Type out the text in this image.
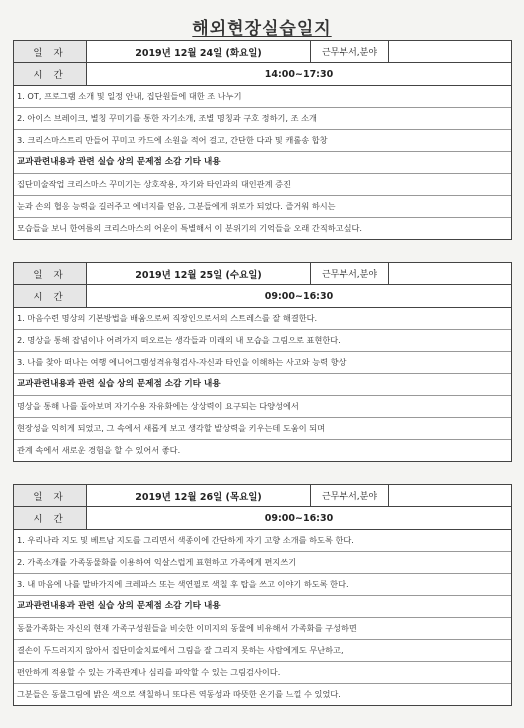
해외현장실습일지
일 자	2019년 12월 24일 (화요일)	근무부서,분야
시 간	14:00~17:30
1. OT, 프로그램 소개 및 일정 안내, 집단원들에 대한 조 나누기
2. 아이스 브레이크, 별칭 꾸미기를 통한 자기소개, 조별 명칭과 구호 정하기, 조 소개
3. 크리스마스트리 만들어 꾸미고 카드에 소원을 적어 걸고, 간단한 다과 및 캐롤송 합창
교과관련내용과 관련 실습 상의 문제점 소감 기타 내용
집단미술작업 크리스마스 꾸미기는 상호작용, 자기와 타인과의 대인관계 증진
눈과 손의 협응 능력을 길러주고 에너지를 얻음, 그분들에게 위로가 되었다. 즐거워 하시는
모습들을 보니 한여름의 크리스마스의 어운이 특별해서 이 분위기의 기억들을 오래 간직하고싶다.
일 자	2019년 12월 25일 (수요일)	근무부서,분야
시 간	09:00~16:30
1. 마음수련 명상의 기본방법을 배움으로써 직장인으로서의 스트레스를 잘 해결한다.
2. 명상을 통해 잡념이나 어려가지 떠오르는 생각들과 미래의 내 모습을 그림으로 표현한다.
3. 나를 찾아 떠나는 여행 에니어그램성격유형검사-자신과 타인을 이해하는 사고와 능력 향상
교과관련내용과 관련 실습 상의 문제점 소감 기타 내용
명상을 통해 나를 돌아보며 자기수용 자유화에는 상상력이 요구되는 다양성에서
현장성을 익히게 되었고, 그 속에서 새롭게 보고 생각할 발상력을 키우는데 도움이 되며
관계 속에서 새로운 경험을 할 수 있어서 좋다.
일 자	2019년 12월 26일 (목요일)	근무부서,분야
시 간	09:00~16:30
1. 우리나라 지도 및 베트남 지도를 그리면서 색종이에 간단하게 자기 고향 소개를 하도록 한다.
2. 가족소개를 가족동물화를 이용하여 익살스럽게 표현하고 가족에게 편지쓰기
3. 내 마음에 나를 말바가지에 크레파스 또는 색연필로 색칠 후 탑을 쓰고 이야기 하도록 한다.
교과관련내용과 관련 실습 상의 문제점 소감 기타 내용
동물가족화는 자신의 현재 가족구성원들을 비슷한 이미지의 동물에 비유해서 가족화를 구성하면
결손이 두드러지지 않아서 집단미술치료에서 그림을 잘 그리지 못하는 사람에게도 무난하고,
편안하게 적용할 수 있는 가족관계나 심리를 파악할 수 있는 그림검사이다.
그분들은 동물그림에 밝은 색으로 색칠하니 또다른 역동성과 따뜻한 온기를 느낄 수 있었다.
